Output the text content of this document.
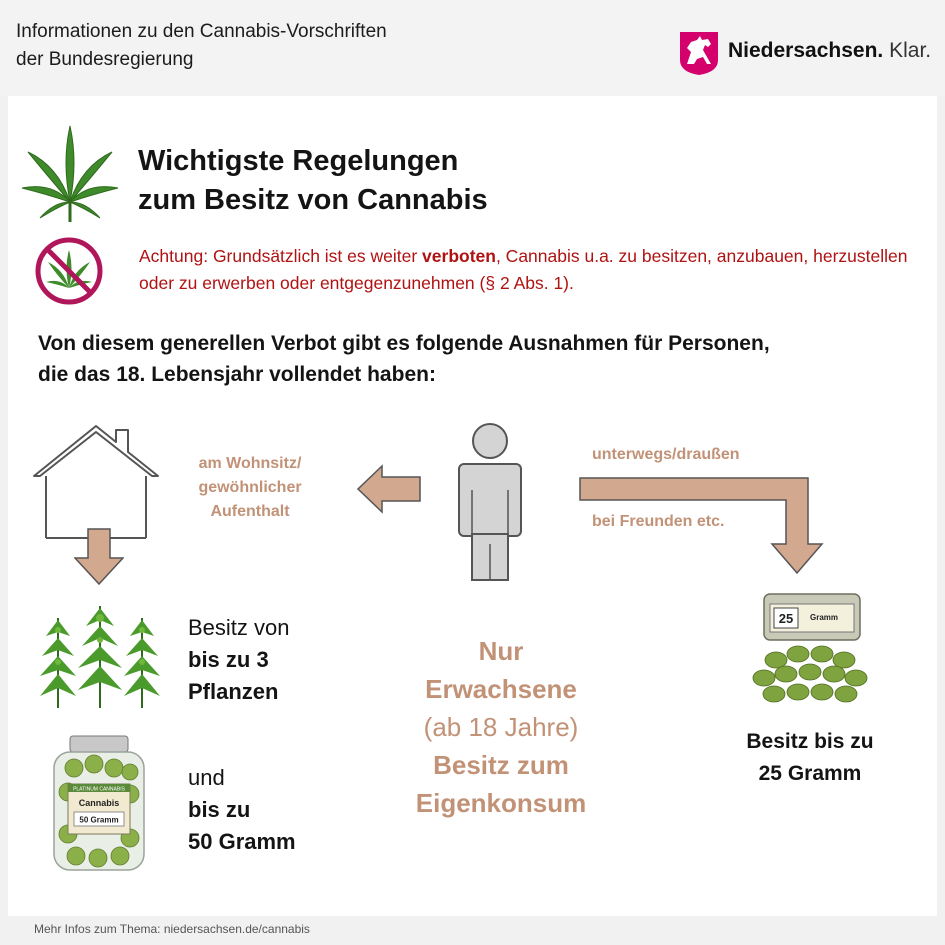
Informationen zu den Cannabis-Vorschriften
der Bundesregierung	Niedersachsen. Klar.
Wichtigste Regelungen
zum Besitz von Cannabis
Achtung: Grundsätzlich ist es weiter verboten, Cannabis u.a. zu besitzen, anzubauen, herzustellen oder zu erwerben oder entgegenzunehmen (§ 2 Abs. 1).
Von diesem generellen Verbot gibt es folgende Ausnahmen für Personen,
die das 18. Lebensjahr vollendet haben:
am Wohnsitz/
gewöhnlicher
Aufenthalt
unterwegs/draußen
bei Freunden etc.
Besitz von
bis zu 3
Pflanzen
PLATINUM CANNABIS
Cannabis
50 Gramm
und
bis zu
50 Gramm
Nur
Erwachsene
(ab 18 Jahre)
Besitz zum
Eigenkonsum
25 Gramm
Besitz bis zu
25 Gramm
Mehr Infos zum Thema: niedersachsen.de/cannabis
